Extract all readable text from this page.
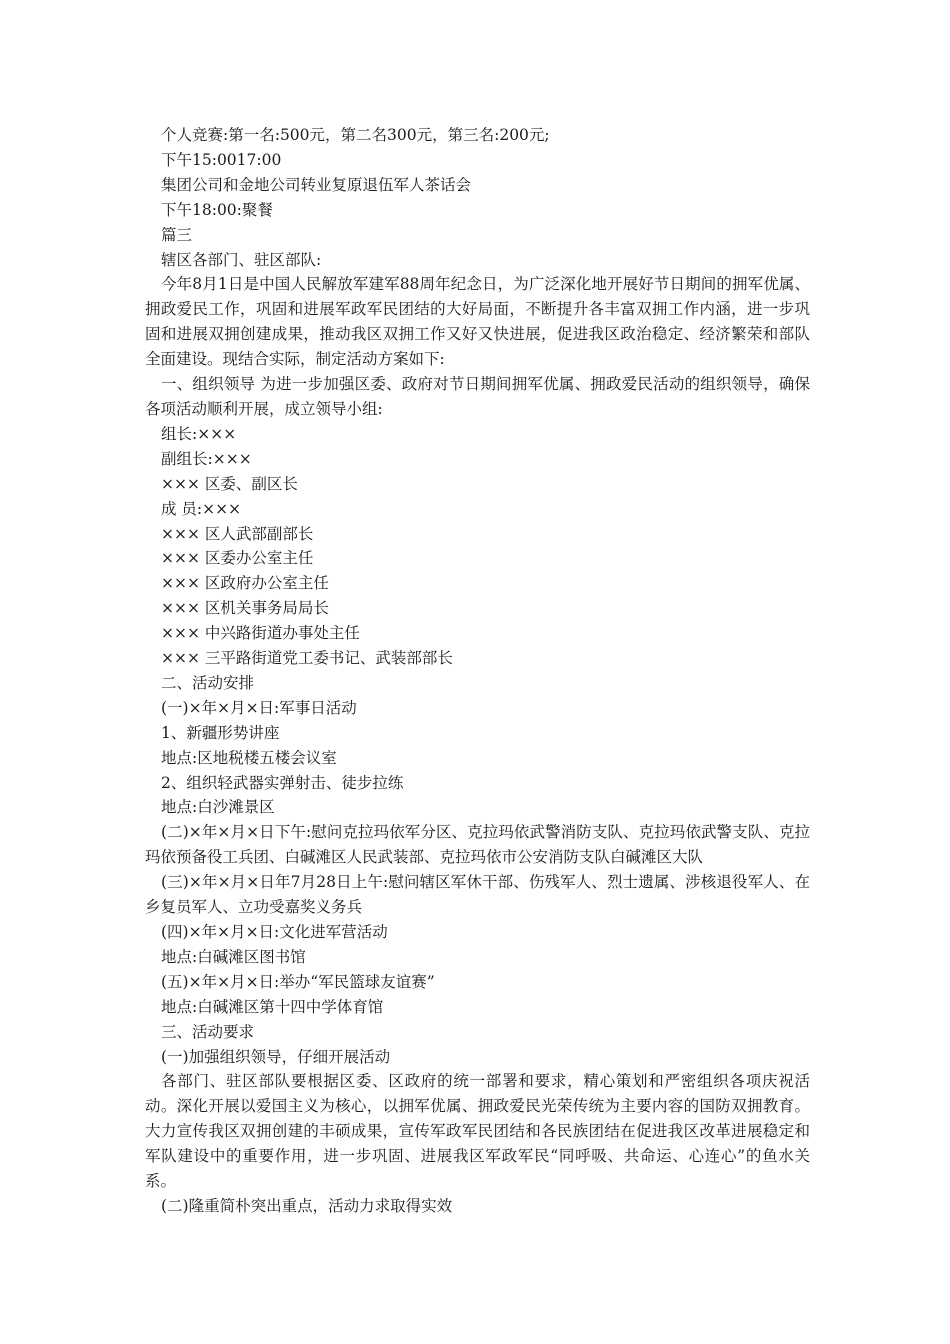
个人竞赛:第一名:500元，第二名300元，第三名:200元;
下午15:0017:00
集团公司和金地公司转业复原退伍军人茶话会
下午18:00:聚餐
篇三
辖区各部门、驻区部队:
今年8月1日是中国人民解放军建军88周年纪念日，为广泛深化地开展好节日期间的拥军优属、拥政爱民工作，巩固和进展军政军民团结的大好局面，不断提升各丰富双拥工作内涵，进一步巩固和进展双拥创建成果，推动我区双拥工作又好又快进展，促进我区政治稳定、经济繁荣和部队全面建设。现结合实际，制定活动方案如下:
一、组织领导 为进一步加强区委、政府对节日期间拥军优属、拥政爱民活动的组织领导，确保各项活动顺利开展，成立领导小组:
组长:×××
副组长:×××
××× 区委、副区长
成 员:×××
××× 区人武部副部长
××× 区委办公室主任
××× 区政府办公室主任
××× 区机关事务局局长
××× 中兴路街道办事处主任
××× 三平路街道党工委书记、武装部部长
二、活动安排
(一)×年×月×日:军事日活动
1、新疆形势讲座
地点:区地税楼五楼会议室
2、组织轻武器实弹射击、徒步拉练
地点:白沙滩景区
(二)×年×月×日下午:慰问克拉玛依军分区、克拉玛依武警消防支队、克拉玛依武警支队、克拉玛依预备役工兵团、白碱滩区人民武装部、克拉玛依市公安消防支队白碱滩区大队
(三)×年×月×日年7月28日上午:慰问辖区军休干部、伤残军人、烈士遗属、涉核退役军人、在乡复员军人、立功受嘉奖义务兵
(四)×年×月×日:文化进军营活动
地点:白碱滩区图书馆
(五)×年×月×日:举办“军民篮球友谊赛”
地点:白碱滩区第十四中学体育馆
三、活动要求
(一)加强组织领导，仔细开展活动
各部门、驻区部队要根据区委、区政府的统一部署和要求，精心策划和严密组织各项庆祝活动。深化开展以爱国主义为核心，以拥军优属、拥政爱民光荣传统为主要内容的国防双拥教育。大力宣传我区双拥创建的丰硕成果，宣传军政军民团结和各民族团结在促进我区改革进展稳定和军队建设中的重要作用，进一步巩固、进展我区军政军民“同呼吸、共命运、心连心”的鱼水关系。
(二)隆重简朴突出重点，活动力求取得实效
